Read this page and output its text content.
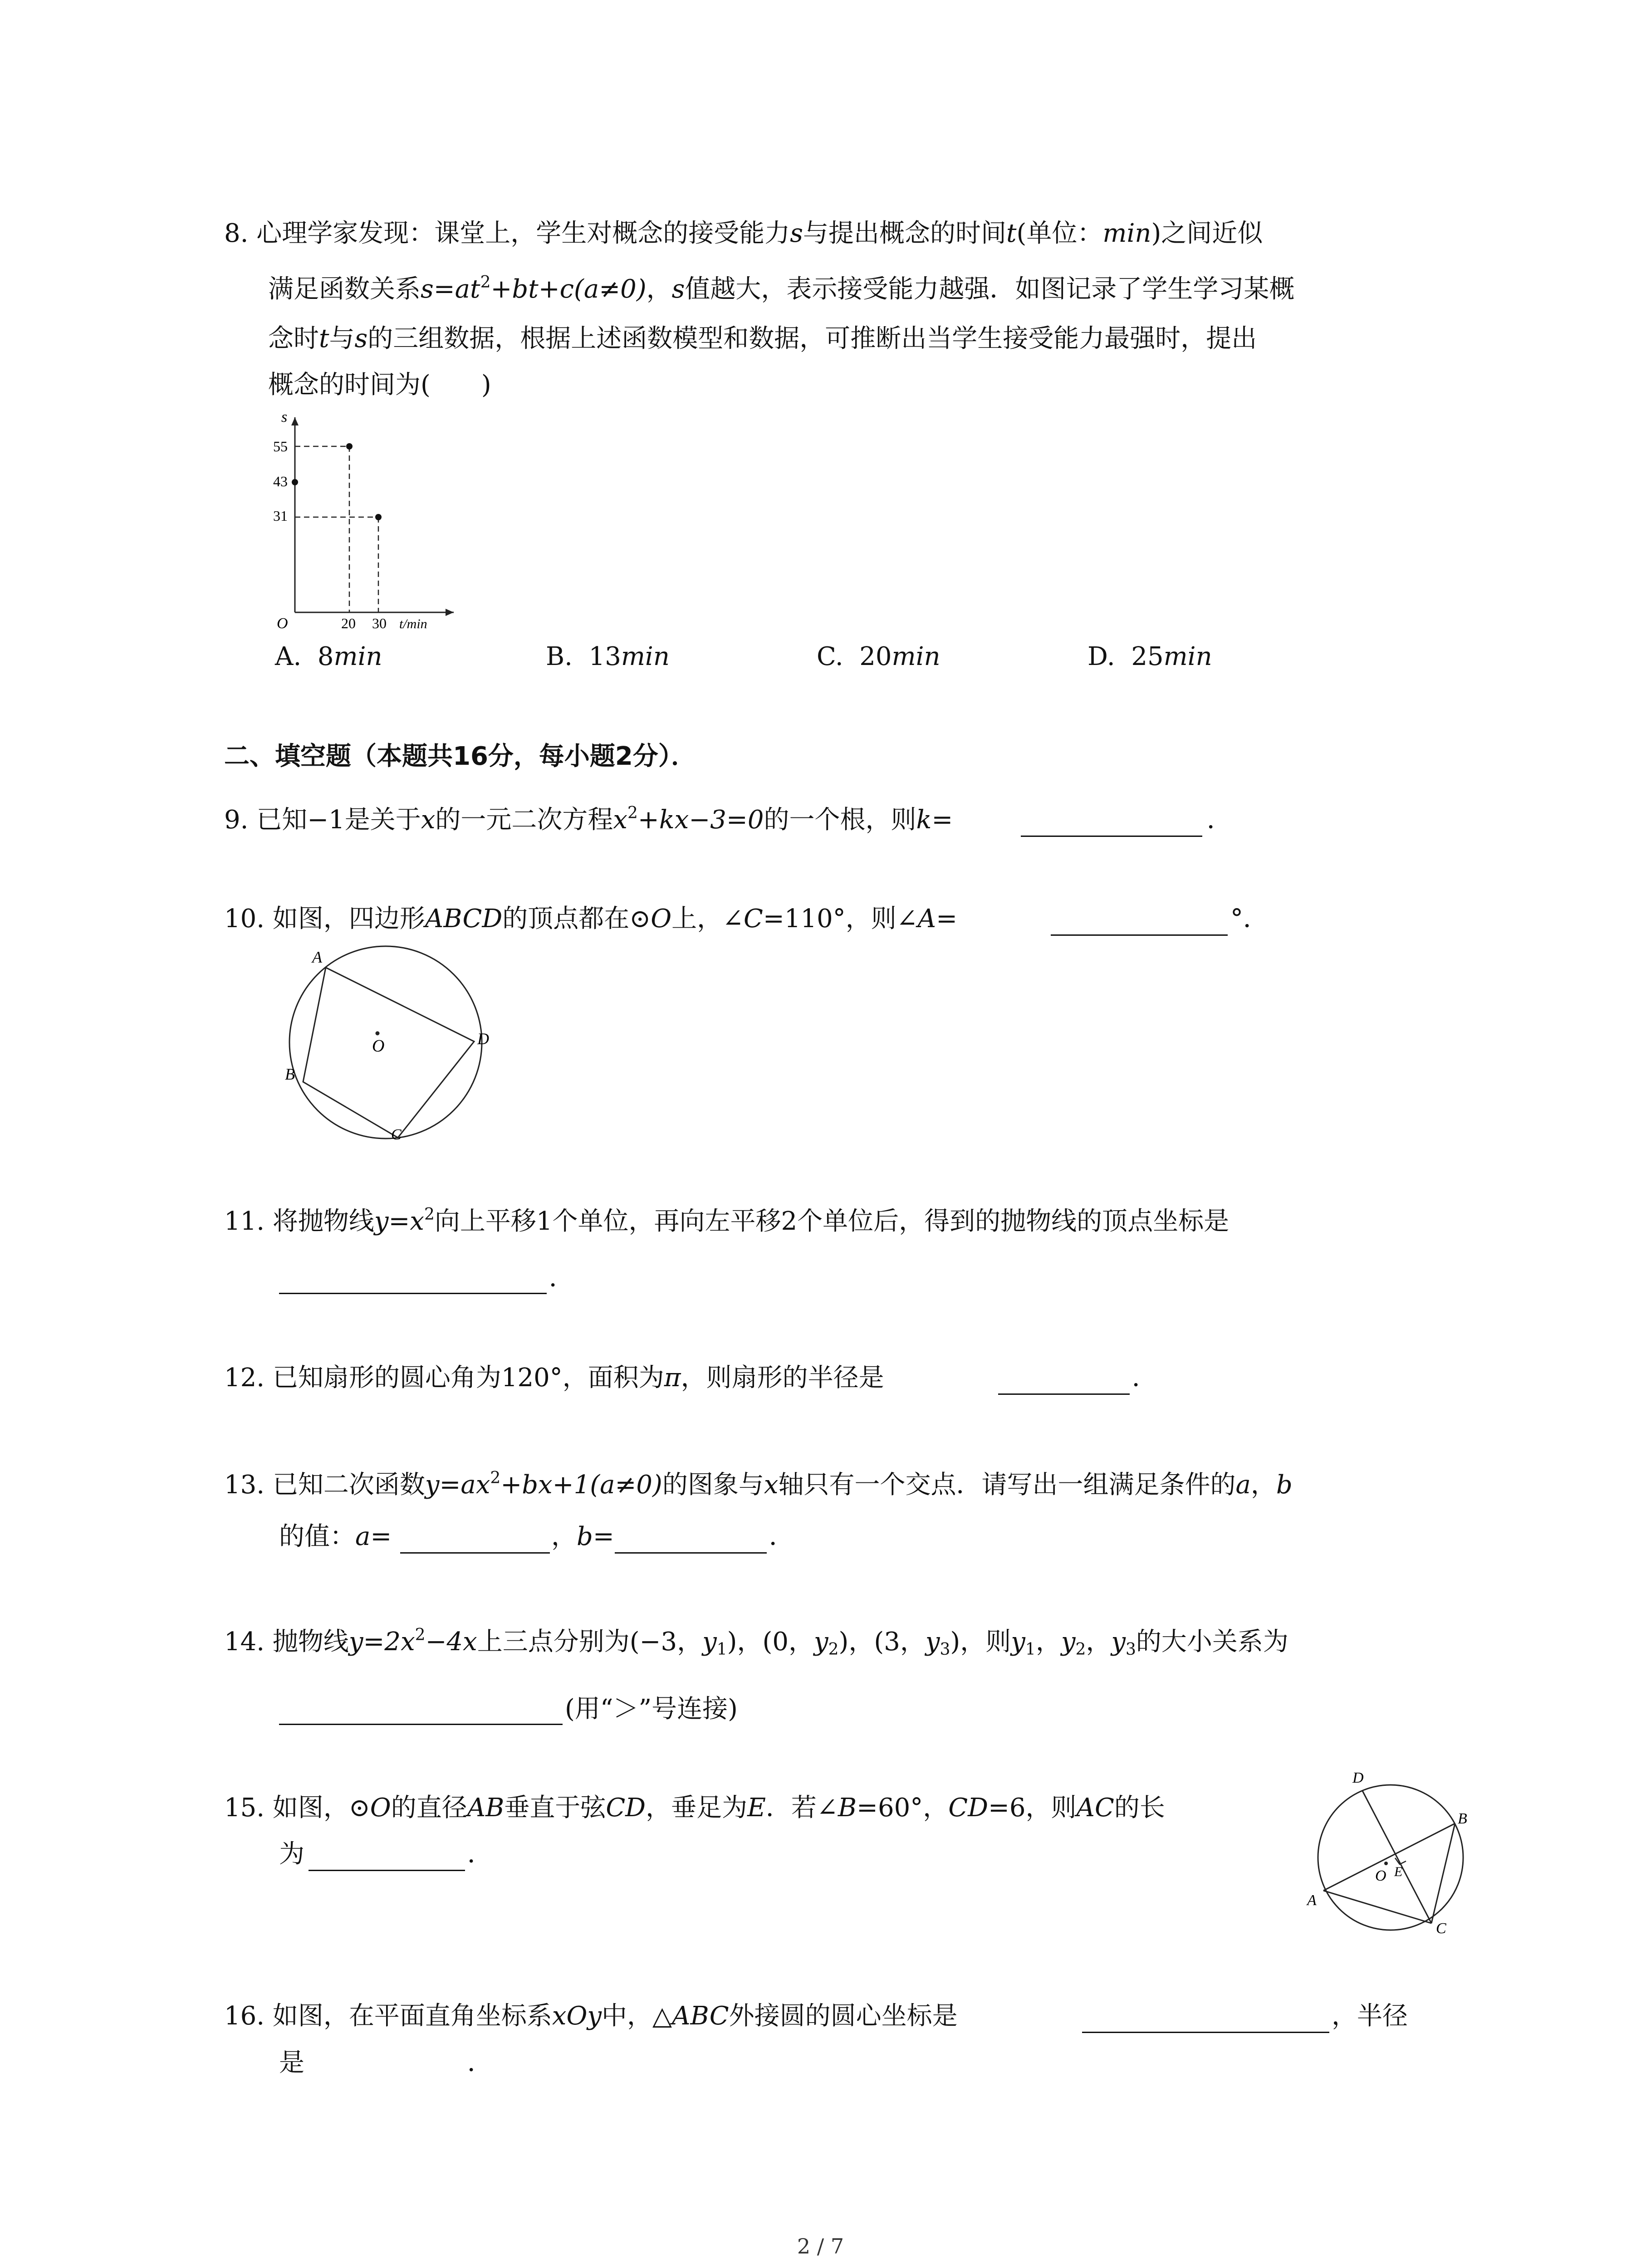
8. 心理学家发现：课堂上，学生对概念的接受能力s与提出概念的时间t(单位：min)之间近似
满足函数关系$s=at^2+bt+c(a\ne 0)$，s值越大，表示接受能力越强．如图记录了学生学习某概
念时t与s的三组数据，根据上述函数模型和数据，可推断出当学生接受能力最强时，提出
概念的时间为(　　)
s
t/min
O
55
43
31
20 30
A. 8min	B. 13min	C. 20min	D. 25min
二、填空题（本题共16分，每小题2分）．
9. 已知−1是关于x的一元二次方程$x^2+kx-3=0$的一个根，则k=	．
10. 如图，四边形ABCD的顶点都在⊙O上，∠C=110°，则∠A=	°．
O
A
D
B
C
11. 将抛物线$y=x^2$向上平移1个单位，再向左平移2个单位后，得到的抛物线的顶点坐标是
．
12. 已知扇形的圆心角为120°，面积为π，则扇形的半径是	．
13. 已知二次函数$y=ax^2+bx+1(a\ne 0)$的图象与x轴只有一个交点．请写出一组满足条件的a，b
的值：a=	，b=	．
14. 抛物线$y=2x^2-4x$上三点分别为(−3，$y_1$)，(0，$y_2$)，(3，$y_3$)，则$y_1$，$y_2$，$y_3$的大小关系为
(用“＞”号连接)
15. 如图，⊙O的直径AB垂直于弦CD，垂足为E．若∠B=60°，CD=6，则AC的长
为	．
O E
D
B
A
C
16. 如图，在平面直角坐标系xOy中，△ABC外接圆的圆心坐标是	，半径
是	．
2 / 7
